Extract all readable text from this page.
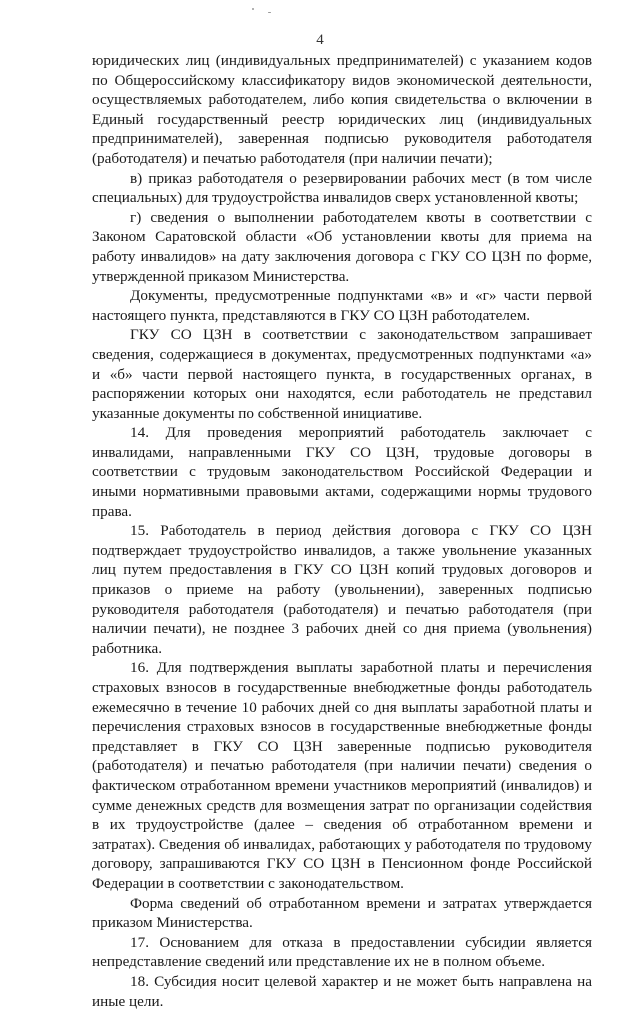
4

юридических лиц (индивидуальных предпринимателей) с указанием кодов по Общероссийскому классификатору видов экономической деятельности, осуществляемых работодателем, либо копия свидетельства о включении в Единый государственный реестр юридических лиц (индивидуальных предпринимателей), заверенная подписью руководителя работодателя (работодателя) и печатью работодателя (при наличии печати);

в) приказ работодателя о резервировании рабочих мест (в том числе специальных) для трудоустройства инвалидов сверх установленной квоты;

г) сведения о выполнении работодателем квоты в соответствии с Законом Саратовской области «Об установлении квоты для приема на работу инвалидов» на дату заключения договора с ГКУ СО ЦЗН по форме, утвержденной приказом Министерства.

Документы, предусмотренные подпунктами «в» и «г» части первой настоящего пункта, представляются в ГКУ СО ЦЗН работодателем.

ГКУ СО ЦЗН в соответствии с законодательством запрашивает сведения, содержащиеся в документах, предусмотренных подпунктами «а» и «б» части первой настоящего пункта, в государственных органах, в распоряжении которых они находятся, если работодатель не представил указанные документы по собственной инициативе.

14. Для проведения мероприятий работодатель заключает с инвалидами, направленными ГКУ СО ЦЗН, трудовые договоры в соответствии с трудовым законодательством Российской Федерации и иными нормативными правовыми актами, содержащими нормы трудового права.

15. Работодатель в период действия договора с ГКУ СО ЦЗН подтверждает трудоустройство инвалидов, а также увольнение указанных лиц путем предоставления в ГКУ СО ЦЗН копий трудовых договоров и приказов о приеме на работу (увольнении), заверенных подписью руководителя работодателя (работодателя) и печатью работодателя (при наличии печати), не позднее 3 рабочих дней со дня приема (увольнения) работника.

16. Для подтверждения выплаты заработной платы и перечисления страховых взносов в государственные внебюджетные фонды работодатель ежемесячно в течение 10 рабочих дней со дня выплаты заработной платы и перечисления страховых взносов в государственные внебюджетные фонды представляет в ГКУ СО ЦЗН заверенные подписью руководителя (работодателя) и печатью работодателя (при наличии печати) сведения о фактическом отработанном времени участников мероприятий (инвалидов) и сумме денежных средств для возмещения затрат по организации содействия в их трудоустройстве (далее – сведения об отработанном времени и затратах). Сведения об инвалидах, работающих у работодателя по трудовому договору, запрашиваются ГКУ СО ЦЗН в Пенсионном фонде Российской Федерации в соответствии с законодательством.

Форма сведений об отработанном времени и затратах утверждается приказом Министерства.

17. Основанием для отказа в предоставлении субсидии является непредставление сведений или представление их не в полном объеме.

18. Субсидия носит целевой характер и не может быть направлена на иные цели.
